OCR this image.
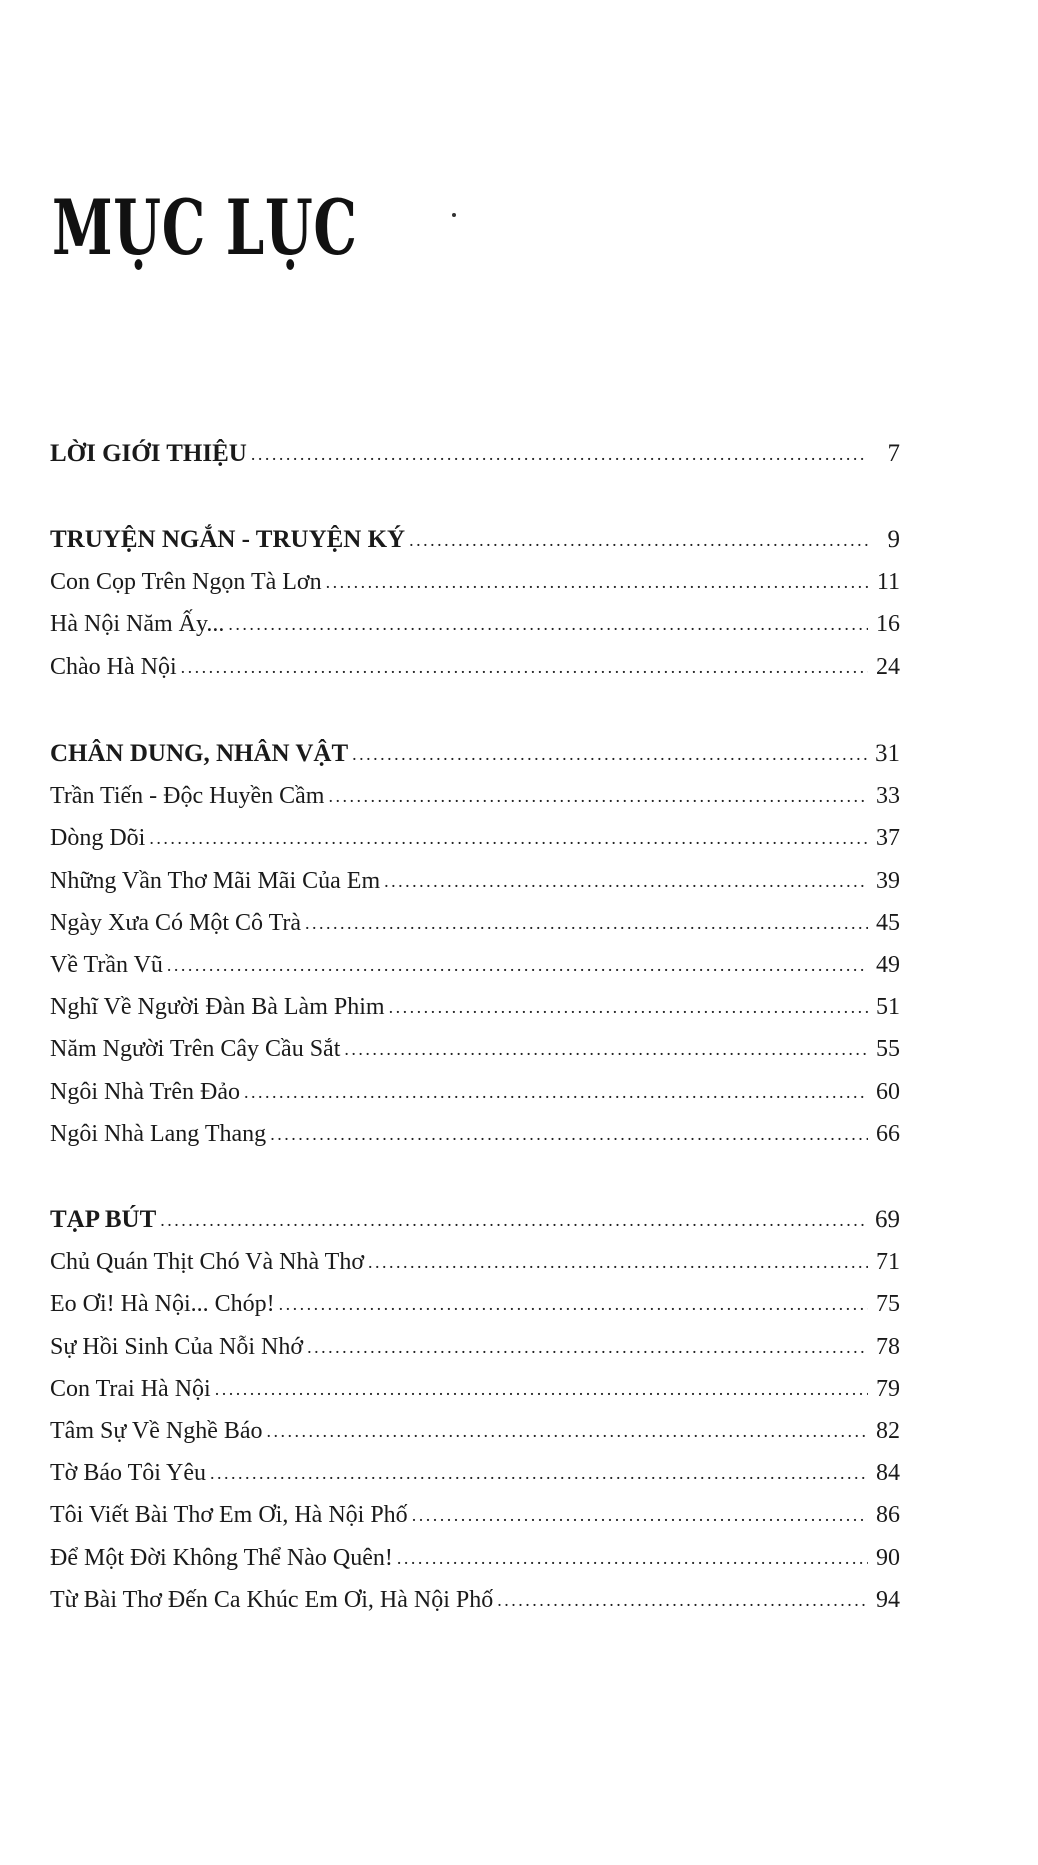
MỤC LỤC
LỜI GIỚI THIỆU . . .	7
TRUYỆN NGẮN - TRUYỆN KÝ . . .	9
Con Cọp Trên Ngọn Tà Lơn . . .	11
Hà Nội Năm Ấy... . . .	16
Chào Hà Nội . . .	24
CHÂN DUNG, NHÂN VẬT . . .	31
Trần Tiến - Độc Huyền Cầm . . .	33
Dòng Dõi . . .	37
Những Vần Thơ Mãi Mãi Của Em . . .	39
Ngày Xưa Có Một Cô Trà . . .	45
Về Trần Vũ . . .	49
Nghĩ Về Người Đàn Bà Làm Phim . . .	51
Năm Người Trên Cây Cầu Sắt . . .	55
Ngôi Nhà Trên Đảo . . .	60
Ngôi Nhà Lang Thang . . .	66
TẠP BÚT . . .	69
Chủ Quán Thịt Chó Và Nhà Thơ . . .	71
Eo Ơi! Hà Nội... Chóp! . . .	75
Sự Hồi Sinh Của Nỗi Nhớ . . .	78
Con Trai Hà Nội . . .	79
Tâm Sự Về Nghề Báo . . .	82
Tờ Báo Tôi Yêu . . .	84
Tôi Viết Bài Thơ Em Ơi, Hà Nội Phố . . .	86
Để Một Đời Không Thể Nào Quên! . . .	90
Từ Bài Thơ Đến Ca Khúc Em Ơi, Hà Nội Phố . . .	94
